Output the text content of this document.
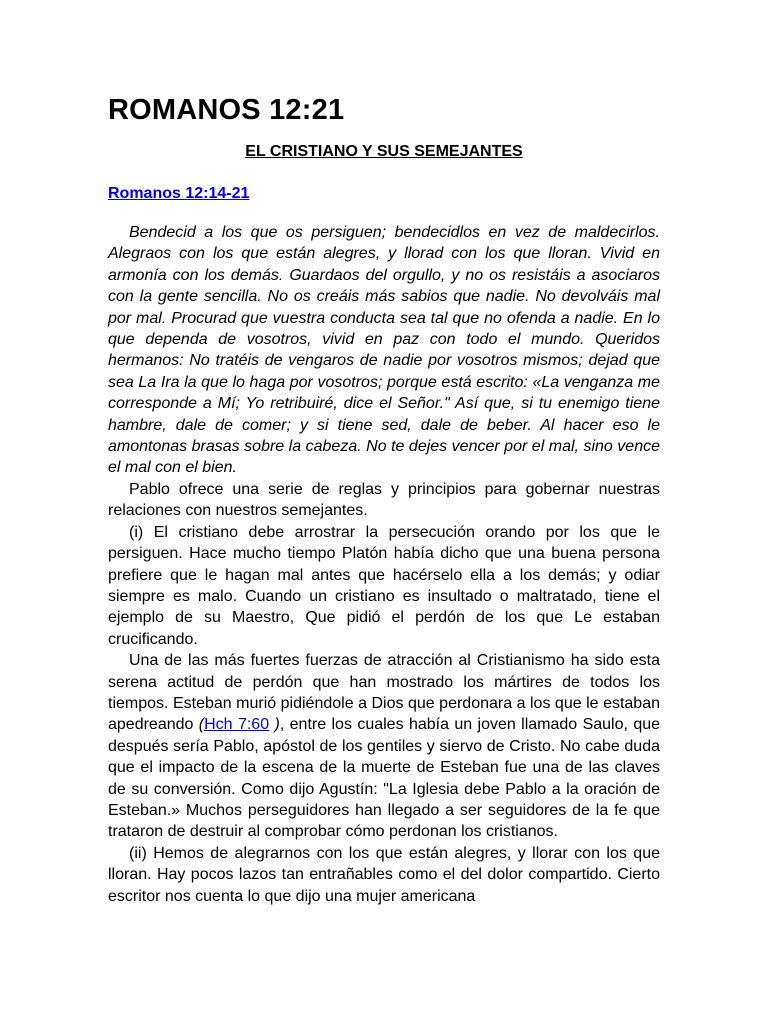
ROMANOS 12:21
EL CRISTIANO Y SUS SEMEJANTES
Romanos 12:14-21

Bendecid a los que os persiguen; bendecidlos en vez de maldecirlos. Alegraos con los que están alegres, y llorad con los que lloran. Vivid en armonía con los demás. Guardaos del orgullo, y no os resistáis a asociaros con la gente sencilla. No os creáis más sabios que nadie. No devolváis mal por mal. Procurad que vuestra conducta sea tal que no ofenda a nadie. En lo que dependa de vosotros, vivid en paz con todo el mundo. Queridos hermanos: No tratéis de vengaros de nadie por vosotros mismos; dejad que sea La Ira la que lo haga por vosotros; porque está escrito: «La venganza me corresponde a Mí; Yo retribuiré, dice el Señor." Así que, si tu enemigo tiene hambre, dale de comer; y si tiene sed, dale de beber. Al hacer eso le amontonas brasas sobre la cabeza. No te dejes vencer por el mal, sino vence el mal con el bien.

Pablo ofrece una serie de reglas y principios para gobernar nuestras relaciones con nuestros semejantes.

(i) El cristiano debe arrostrar la persecución orando por los que le persiguen. Hace mucho tiempo Platón había dicho que una buena persona prefiere que le hagan mal antes que hacérselo ella a los demás; y odiar siempre es malo. Cuando un cristiano es insultado o maltratado, tiene el ejemplo de su Maestro, Que pidió el perdón de los que Le estaban crucificando.

Una de las más fuertes fuerzas de atracción al Cristianismo ha sido esta serena actitud de perdón que han mostrado los mártires de todos los tiempos. Esteban murió pidiéndole a Dios que perdonara a los que le estaban apedreando (Hch 7:60 ), entre los cuales había un joven llamado Saulo, que después sería Pablo, apóstol de los gentiles y siervo de Cristo. No cabe duda que el impacto de la escena de la muerte de Esteban fue una de las claves de su conversión. Como dijo Agustín: "La Iglesia debe Pablo a la oración de Esteban.» Muchos perseguidores han llegado a ser seguidores de la fe que trataron de destruir al comprobar cómo perdonan los cristianos.

(ii) Hemos de alegrarnos con los que están alegres, y llorar con los que lloran. Hay pocos lazos tan entrañables como el del dolor compartido. Cierto escritor nos cuenta lo que dijo una mujer americana
